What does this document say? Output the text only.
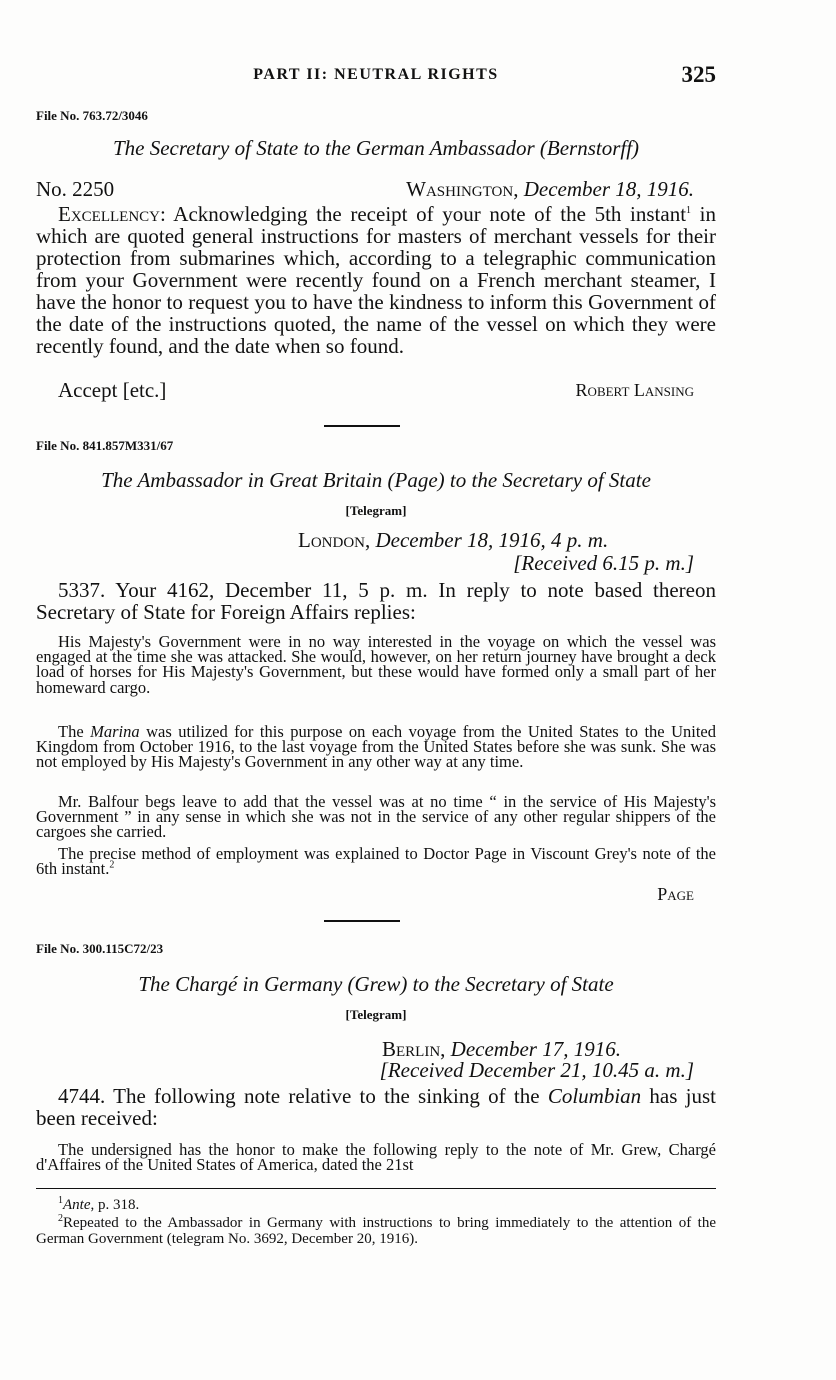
PART II: NEUTRAL RIGHTS	325
File No. 763.72/3046
The Secretary of State to the German Ambassador (Bernstorff)
No. 2250	Washington, December 18, 1916.

Excellency: Acknowledging the receipt of your note of the 5th instant$^1$ in which are quoted general instructions for masters of merchant vessels for their protection from submarines which, according to a telegraphic communication from your Government were recently found on a French merchant steamer, I have the honor to request you to have the kindness to inform this Government of the date of the instructions quoted, the name of the vessel on which they were recently found, and the date when so found.

Accept [etc.]	Robert Lansing
File No. 841.857M331/67
The Ambassador in Great Britain (Page) to the Secretary of State
[Telegram]
London, December 18, 1916, 4 p. m.
[Received 6.15 p. m.]

5337. Your 4162, December 11, 5 p. m. In reply to note based thereon Secretary of State for Foreign Affairs replies:

His Majesty's Government were in no way interested in the voyage on which the vessel was engaged at the time she was attacked. She would, however, on her return journey have brought a deck load of horses for His Majesty's Government, but these would have formed only a small part of her homeward cargo.

The Marina was utilized for this purpose on each voyage from the United States to the United Kingdom from October 1916, to the last voyage from the United States before she was sunk. She was not employed by His Majesty's Government in any other way at any time.

Mr. Balfour begs leave to add that the vessel was at no time “ in the service of His Majesty's Government ” in any sense in which she was not in the service of any other regular shippers of the cargoes she carried.

The precise method of employment was explained to Doctor Page in Viscount Grey's note of the 6th instant.$^2$

Page
File No. 300.115C72/23
The Chargé in Germany (Grew) to the Secretary of State
[Telegram]
Berlin, December 17, 1916.
[Received December 21, 10.45 a. m.]

4744. The following note relative to the sinking of the Columbian has just been received:

The undersigned has the honor to make the following reply to the note of Mr. Grew, Chargé d'Affaires of the United States of America, dated the 21st

$^1$Ante, p. 318.

$^2$Repeated to the Ambassador in Germany with instructions to bring immediately to the attention of the German Government (telegram No. 3692, December 20, 1916).
